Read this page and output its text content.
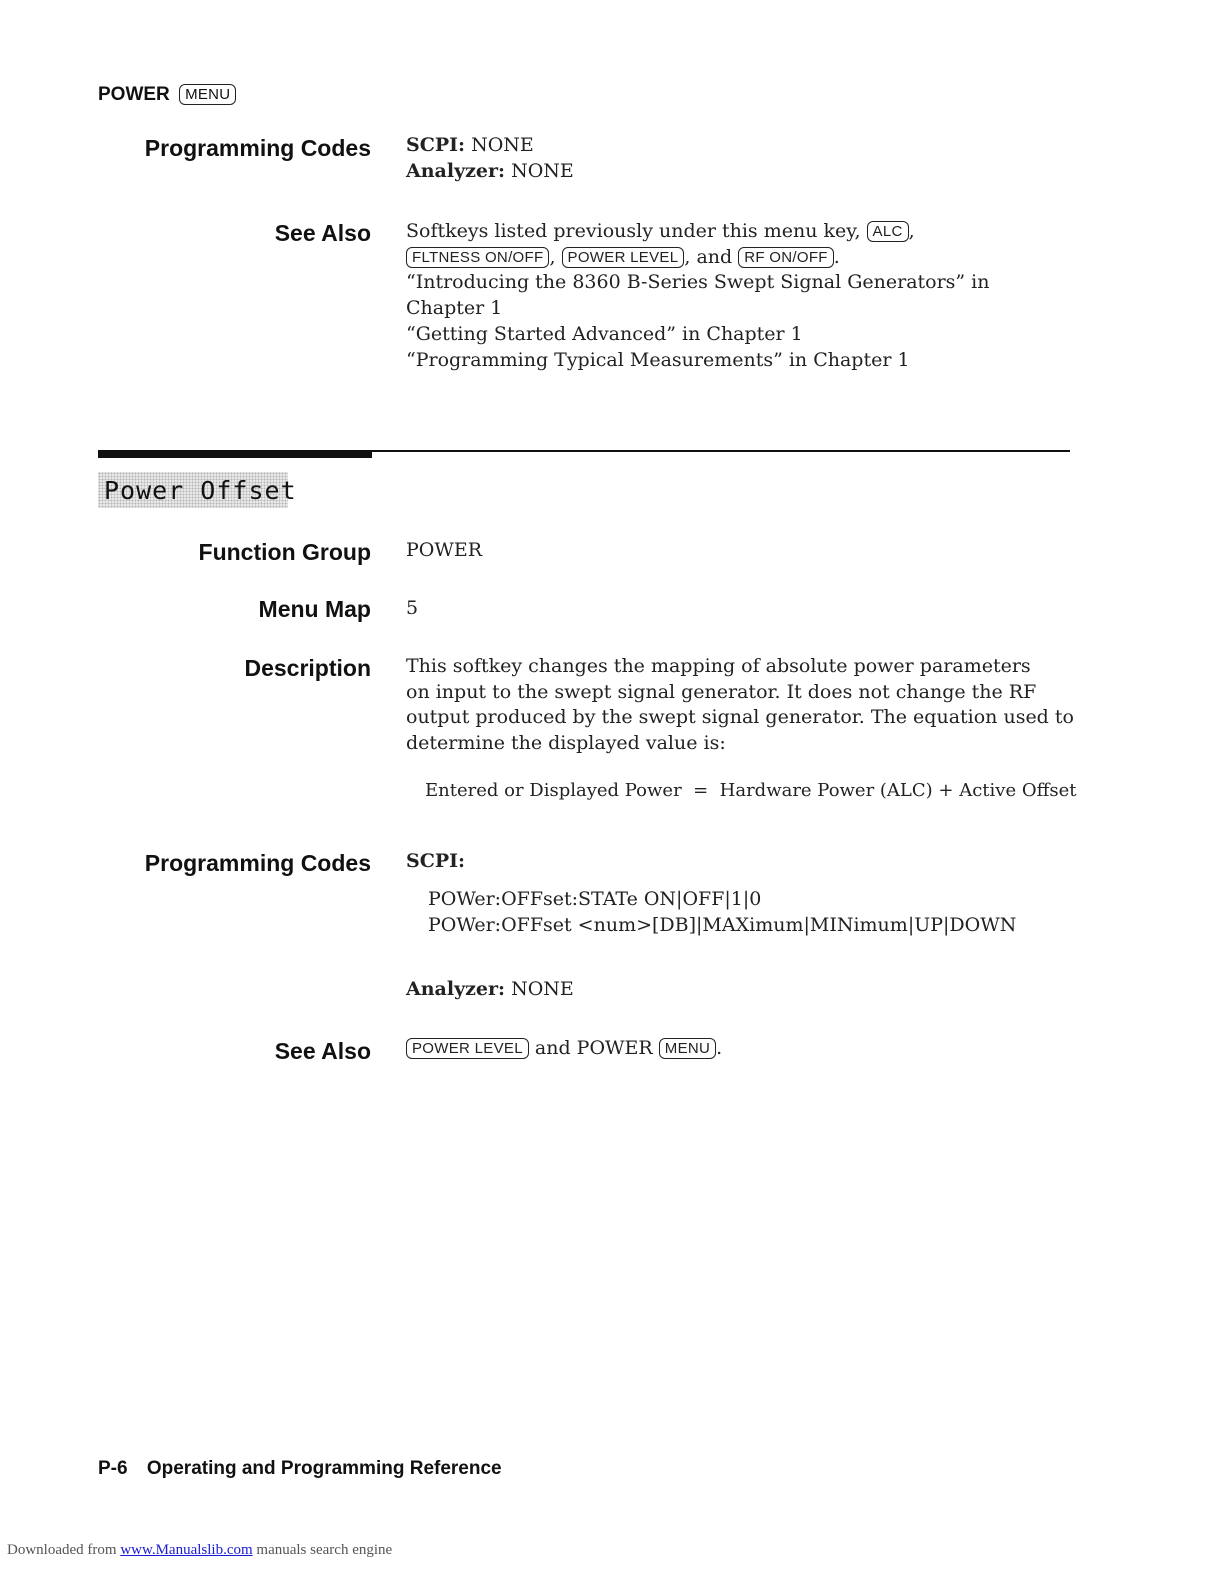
POWER MENU
Programming Codes SCPI: NONE
Analyzer: NONE
See Also Softkeys listed previously under this menu key, ALC ,
FLTNESS ON/OFF , POWER LEVEL , and RF ON/OFF .
“Introducing the 8360 B-Series Swept Signal Generators” in
Chapter 1
“Getting Started Advanced” in Chapter 1
“Programming Typical Measurements” in Chapter 1
Power Offset
Function Group POWER
Menu Map 5
Description This softkey changes the mapping of absolute power parameters
on input to the swept signal generator. It does not change the RF
output produced by the swept signal generator. The equation used to
determine the displayed value is:
Entered or Displayed Power  =  Hardware Power (ALC) + Active Offset
Programming Codes SCPI:
POWer:OFFset:STATe ON|OFF|1|0
POWer:OFFset <num>[DB]|MAXimum|MINimum|UP|DOWN
Analyzer: NONE
See Also	POWER LEVEL and POWER MENU .
P-6 Operating and Programming Reference
Downloaded from www.Manualslib.com manuals search engine
